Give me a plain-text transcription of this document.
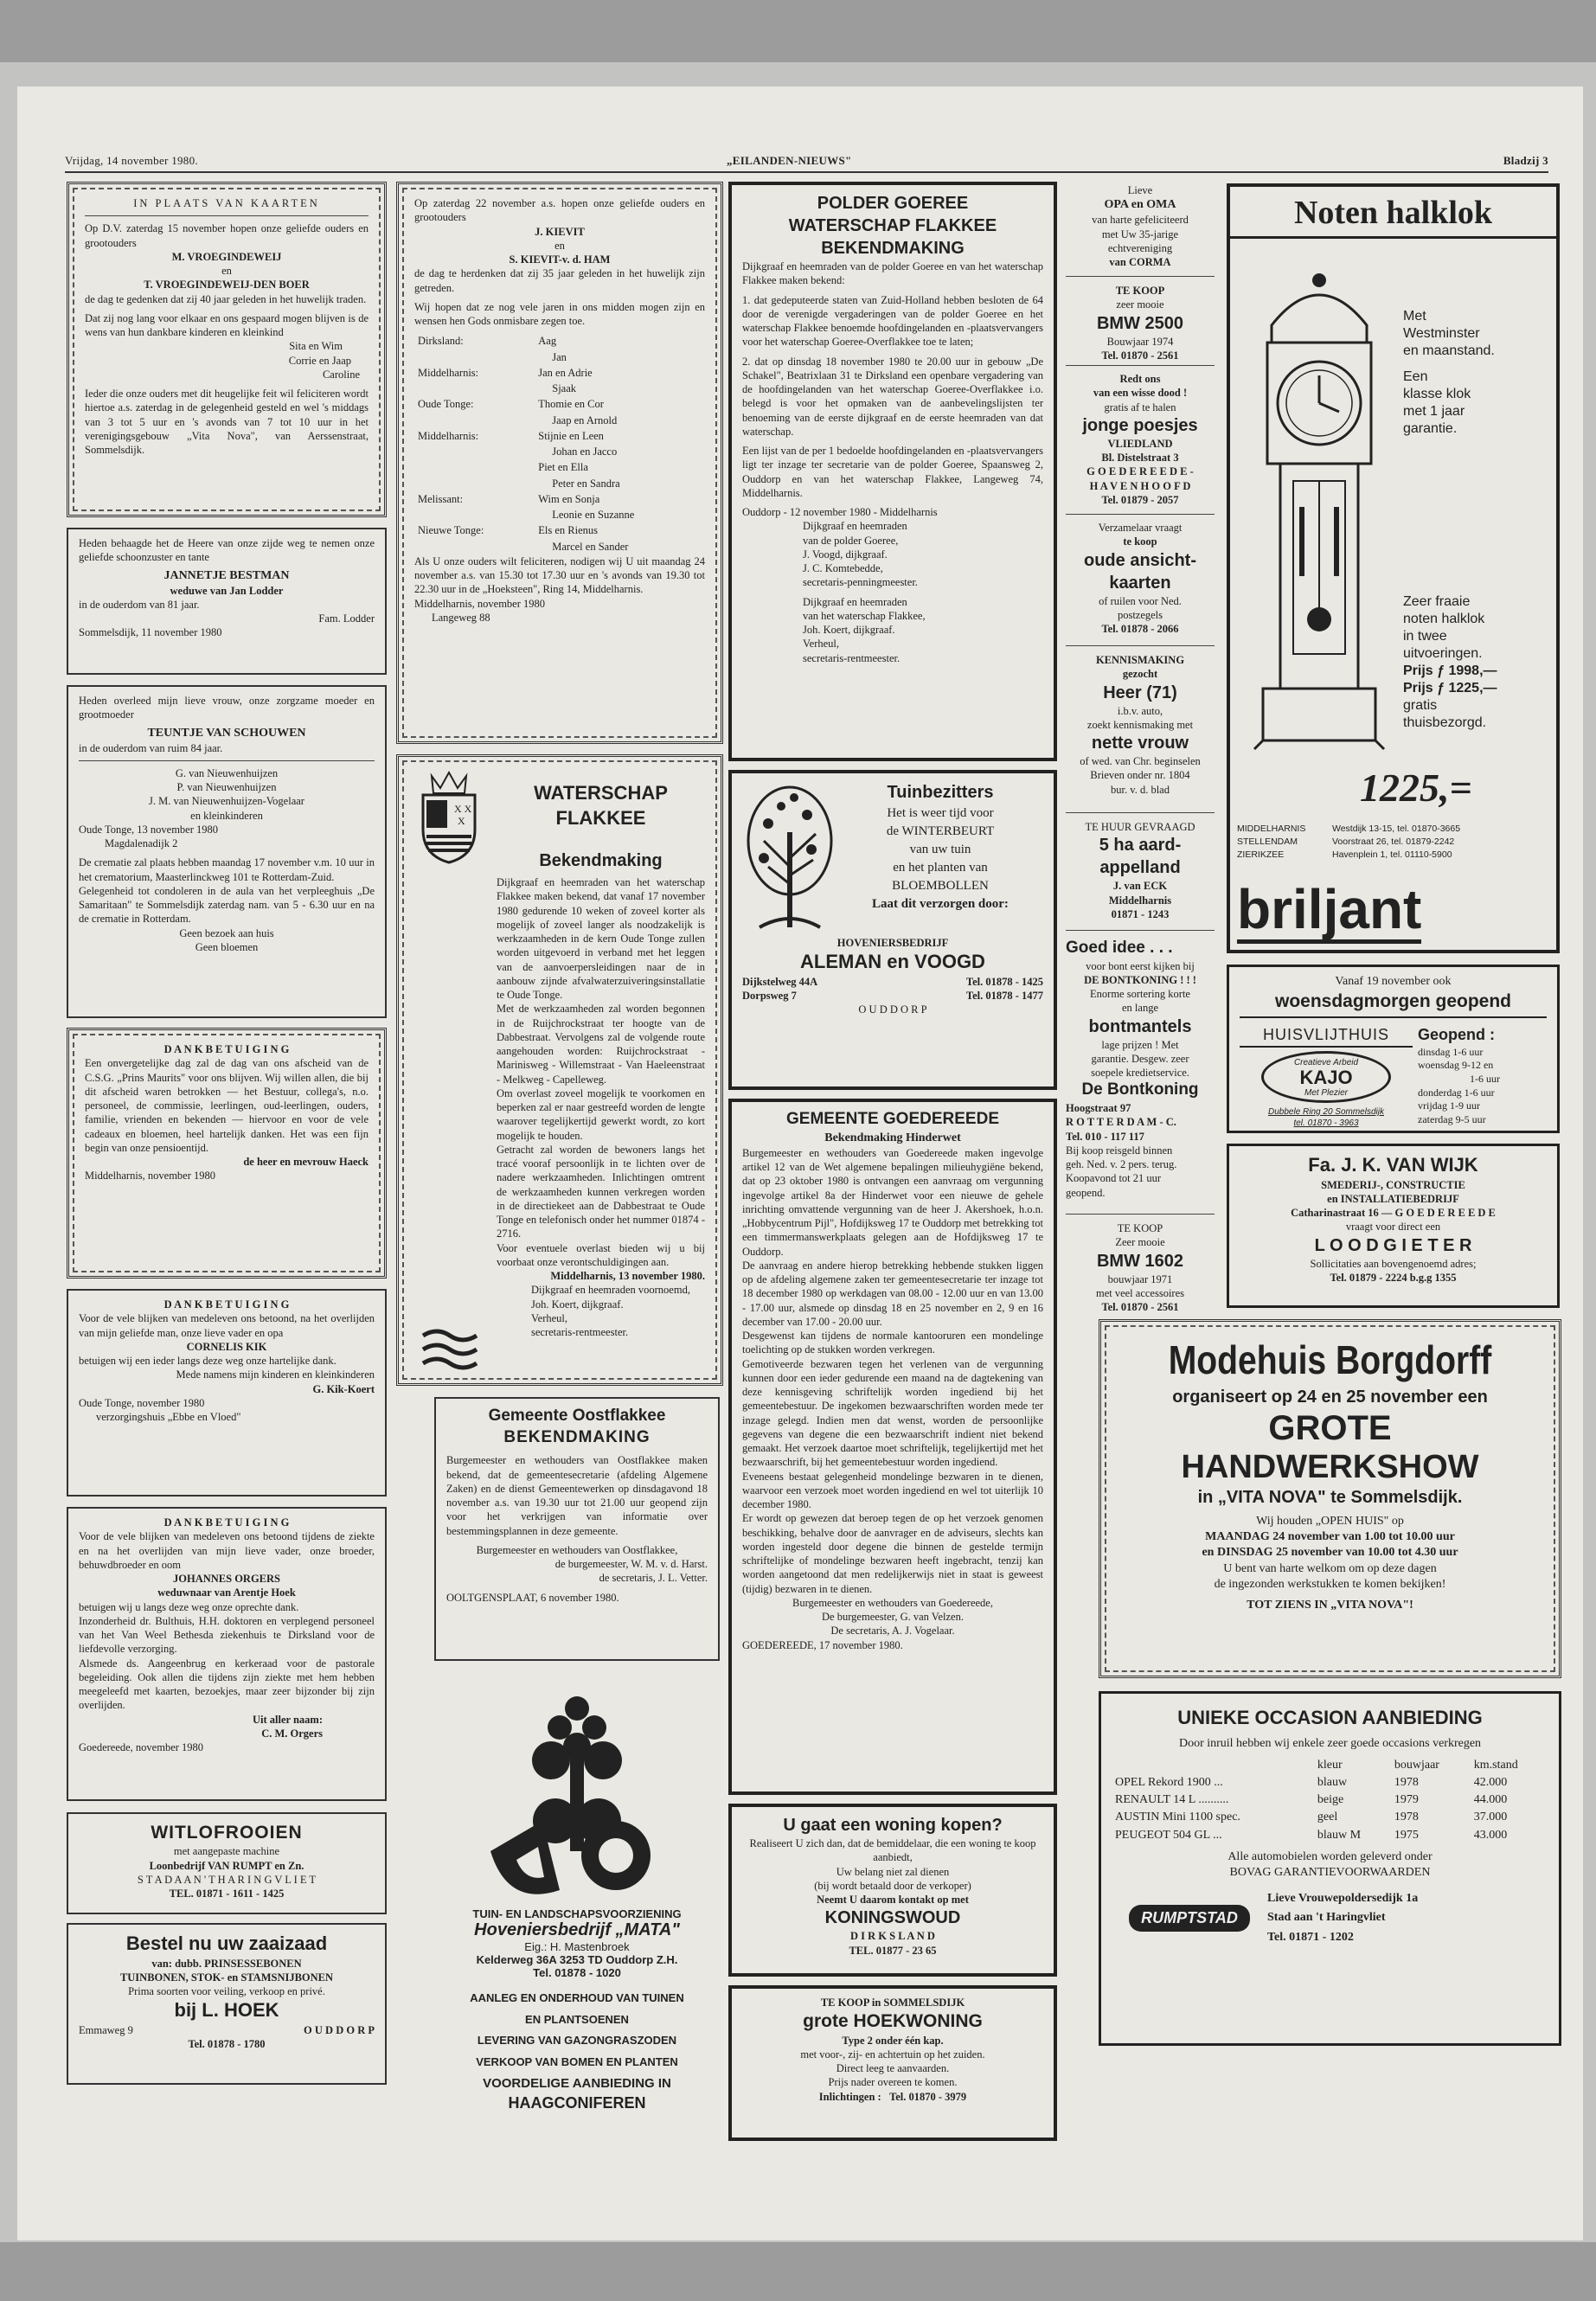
Vrijdag, 14 november 1980.	„EILANDEN-NIEUWS"	Bladzij 3
IN PLAATS VAN KAARTEN
Op D.V. zaterdag 15 november hopen onze geliefde ouders en grootouders
M. VROEGINDEWEIJ
en
T. VROEGINDEWEIJ-DEN BOER
de dag te gedenken dat zij 40 jaar geleden in het huwelijk traden.
Dat zij nog lang voor elkaar en ons gespaard mogen blijven is de wens van hun dankbare kinderen en kleinkind
Sita en Wim
Corrie en Jaap
Caroline
Ieder die onze ouders met dit heugelijke feit wil feliciteren wordt hiertoe a.s. zaterdag in de gelegenheid gesteld en wel 's middags van 3 tot 5 uur en 's avonds van 7 tot 10 uur in het verenigingsgebouw „Vita Nova", van Aerssenstraat, Sommelsdijk.
Heden behaagde het de Heere van onze zijde weg te nemen onze geliefde schoonzuster en tante
JANNETJE BESTMAN
weduwe van Jan Lodder
in de ouderdom van 81 jaar.
Fam. Lodder
Sommelsdijk, 11 november 1980
Heden overleed mijn lieve vrouw, onze zorgzame moeder en grootmoeder
TEUNTJE VAN SCHOUWEN
in de ouderdom van ruim 84 jaar.
G. van Nieuwenhuijzen
P. van Nieuwenhuijzen
J. M. van Nieuwenhuijzen-Vogelaar
en kleinkinderen
Oude Tonge, 13 november 1980
Magdalenadijk 2
De crematie zal plaats hebben maandag 17 november v.m. 10 uur in het crematorium, Maasterlinckweg 101 te Rotterdam-Zuid.
Gelegenheid tot condoleren in de aula van het verpleeghuis „De Samaritaan" te Sommelsdijk zaterdag nam. van 5 - 6.30 uur en na de crematie in Rotterdam.
Geen bezoek aan huis
Geen bloemen
D A N K B E T U I G I N G
Een onvergetelijke dag zal de dag van ons afscheid van de C.S.G. „Prins Maurits" voor ons blijven. Wij willen allen, die bij dit afscheid waren betrokken — het Bestuur, collega's, n.o. personeel, de commissie, leerlingen, oud-leerlingen, ouders, familie, vrienden en bekenden — hiervoor en voor de vele cadeaux en bloemen, heel hartelijk danken. Het was een fijn begin van onze pensioentijd.
de heer en mevrouw Haeck
Middelharnis, november 1980
D A N K B E T U I G I N G
Voor de vele blijken van medeleven ons betoond, na het overlijden van mijn geliefde man, onze lieve vader en opa
CORNELIS KIK
betuigen wij een ieder langs deze weg onze hartelijke dank.
Mede namens mijn kinderen en kleinkinderen
G. Kik-Koert
Oude Tonge, november 1980
verzorgingshuis „Ebbe en Vloed"
D A N K B E T U I G I N G
Voor de vele blijken van medeleven ons betoond tijdens de ziekte en na het overlijden van mijn lieve vader, onze broeder, behuwdbroeder en oom
JOHANNES ORGERS
weduwnaar van Arentje Hoek
betuigen wij u langs deze weg onze oprechte dank.
Inzonderheid dr. Bulthuis, H.H. doktoren en verplegend personeel van het Van Weel Bethesda ziekenhuis te Dirksland voor de liefdevolle verzorging.
Alsmede ds. Aangeenbrug en kerkeraad voor de pastorale begeleiding. Ook allen die tijdens zijn ziekte met hem hebben meegeleefd met kaarten, bezoekjes, maar zeer bijzonder bij zijn overlijden.
Uit aller naam:
C. M. Orgers
Goedereede, november 1980
WITLOFROOIEN
met aangepaste machine
Loonbedrijf VAN RUMPT en Zn.
S T A D A A N ' T H A R I N G V L I E T
TEL. 01871 - 1611 - 1425
Bestel nu uw zaaizaad
van: dubb. PRINSESSEBONEN
TUINBONEN, STOK- en STAMSNIJBONEN
Prima soorten voor veiling, verkoop en privé.
bij L. HOEK
Emmaweg 9	O U D D O R P
Tel. 01878 - 1780
Op zaterdag 22 november a.s. hopen onze geliefde ouders en grootouders
J. KIEVIT
en
S. KIEVIT-v. d. HAM
de dag te herdenken dat zij 35 jaar geleden in het huwelijk zijn getreden.
Wij hopen dat ze nog vele jaren in ons midden mogen zijn en wensen hen Gods onmisbare zegen toe.
Dirksland:	Aag
	Jan
Middelharnis:	Jan en Adrie
	Sjaak
Oude Tonge:	Thomie en Cor
	Jaap en Arnold
Middelharnis:	Stijnie en Leen
	Johan en Jacco
	Piet en Ella
	Peter en Sandra
Melissant:	Wim en Sonja
	Leonie en Suzanne
Nieuwe Tonge:	Els en Rienus
	Marcel en Sander
Als U onze ouders wilt feliciteren, nodigen wij U uit maandag 24 november a.s. van 15.30 tot 17.30 uur en 's avonds van 19.30 tot 22.30 uur in de „Hoeksteen", Ring 14, Middelharnis.
Middelharnis, november 1980
Langeweg 88
X X
X
WATERSCHAP
FLAKKEE
Bekendmaking
Dijkgraaf en heemraden van het waterschap Flakkee maken bekend, dat vanaf 17 november 1980 gedurende 10 weken of zoveel korter als mogelijk of zoveel langer als noodzakelijk is werkzaamheden in de kern Oude Tonge zullen worden uitgevoerd in verband met het leggen van de aanvoerpersleidingen naar de in aanbouw zijnde afvalwaterzuiveringsinstallatie te Oude Tonge.
Met de werkzaamheden zal worden begonnen in de Ruijchrockstraat ter hoogte van de Dabbestraat. Vervolgens zal de volgende route aangehouden worden: Ruijchrockstraat - Marinisweg - Willemstraat - Van Haeleenstraat - Melkweg - Capelleweg.
Om overlast zoveel mogelijk te voorkomen en beperken zal er naar gestreefd worden de lengte waarover tegelijkertijd gewerkt wordt, zo kort mogelijk te houden.
Getracht zal worden de bewoners langs het tracé vooraf persoonlijk in te lichten over de nadere werkzaamheden. Inlichtingen omtrent de werkzaamheden kunnen verkregen worden in de directiekeet aan de Dabbestraat te Oude Tonge en telefonisch onder het nummer 01874 - 2716.
Voor eventuele overlast bieden wij u bij voorbaat onze verontschuldigingen aan.
Middelharnis, 13 november 1980.
Dijkgraaf en heemraden voornoemd,
Joh. Koert, dijkgraaf.
Verheul,
secretaris-rentmeester.
Gemeente Oostflakkee
BEKENDMAKING
Burgemeester en wethouders van Oostflakkee maken bekend, dat de gemeentesecretarie (afdeling Algemene Zaken) en de dienst Gemeentewerken op dinsdagavond 18 november a.s. van 19.30 uur tot 21.00 uur geopend zijn voor het verkrijgen van informatie over bestemmingsplannen in deze gemeente.
Burgemeester en wethouders van Oostflakkee,
de burgemeester, W. M. v. d. Harst.
de secretaris, J. L. Vetter.
OOLTGENSPLAAT, 6 november 1980.
TUIN- EN LANDSCHAPSVOORZIENING
Hoveniersbedrijf „MATA"
Eig.: H. Mastenbroek
Kelderweg 36A 3253 TD Ouddorp Z.H.
Tel. 01878 - 1020
AANLEG EN ONDERHOUD VAN TUINEN
EN PLANTSOENEN
LEVERING VAN GAZONGRASZODEN
VERKOOP VAN BOMEN EN PLANTEN
VOORDELIGE AANBIEDING IN
HAAGCONIFEREN
POLDER GOEREE
WATERSCHAP FLAKKEE
BEKENDMAKING
Dijkgraaf en heemraden van de polder Goeree en van het waterschap Flakkee maken bekend:
1. dat gedeputeerde staten van Zuid-Holland hebben besloten de 64 door de verenigde vergaderingen van de polder Goeree en het waterschap Flakkee benoemde hoofdingelanden en -plaatsvervangers voor het waterschap Goeree-Overflakkee toe te laten;
2. dat op dinsdag 18 november 1980 te 20.00 uur in gebouw „De Schakel", Beatrixlaan 31 te Dirksland een openbare vergadering van de hoofdingelanden van het waterschap Goeree-Overflakkee i.o. belegd is voor het opmaken van de aanbevelingslijsten ter benoeming van de eerste dijkgraaf en de eerste heemraden van dat waterschap.
Een lijst van de per 1 bedoelde hoofdingelanden en -plaatsvervangers ligt ter inzage ter secretarie van de polder Goeree, Spaansweg 2, Ouddorp en van het waterschap Flakkee, Langeweg 74, Middelharnis.
Ouddorp - 12 november 1980 - Middelharnis
Dijkgraaf en heemraden
van de polder Goeree,
J. Voogd, dijkgraaf.
J. C. Komtebedde,
secretaris-penningmeester.
Dijkgraaf en heemraden
van het waterschap Flakkee,
Joh. Koert, dijkgraaf.
Verheul,
secretaris-rentmeester.
Tuinbezitters
Het is weer tijd voor
de WINTERBEURT
van uw tuin
en het planten van
BLOEMBOLLEN
Laat dit verzorgen door:
HOVENIERSBEDRIJF
ALEMAN en VOOGD
Dijkstelweg 44A	Tel. 01878 - 1425
Dorpsweg 7	Tel. 01878 - 1477
O U D D O R P
GEMEENTE GOEDEREEDE
Bekendmaking Hinderwet
Burgemeester en wethouders van Goedereede maken ingevolge artikel 12 van de Wet algemene bepalingen milieuhygiëne bekend, dat op 23 oktober 1980 is ontvangen een aanvraag om vergunning ingevolge artikel 8a der Hinderwet voor een nieuwe de gehele inrichting omvattende vergunning van de heer J. Akershoek, h.o.n. „Hobbycentrum Pijl", Hofdijksweg 17 te Ouddorp met betrekking tot een timmermanswerkplaats gelegen aan de Hofdijksweg 17 te Ouddorp.
De aanvraag en andere hierop betrekking hebbende stukken liggen op de afdeling algemene zaken ter gemeentesecretarie ter inzage tot 18 december 1980 op werkdagen van 08.00 - 12.00 uur en van 13.00 - 17.00 uur, alsmede op dinsdag 18 en 25 november en 2, 9 en 16 december van 17.00 - 20.00 uur.
Desgewenst kan tijdens de normale kantooruren een mondelinge toelichting op de stukken worden verkregen.
Gemotiveerde bezwaren tegen het verlenen van de vergunning kunnen door een ieder gedurende een maand na de dagtekening van deze kennisgeving schriftelijk worden ingediend bij het gemeentebestuur. De ingekomen bezwaarschriften worden mede ter inzage gelegd. Indien men dat wenst, worden de persoonlijke gegevens van degene die een bezwaarschrift indient niet bekend gemaakt. Het verzoek daartoe moet schriftelijk, tegelijkertijd met het bezwaarschrift, bij het gemeentebestuur worden ingediend.
Eveneens bestaat gelegenheid mondelinge bezwaren in te dienen, waarvoor een verzoek moet worden ingediend en wel tot uiterlijk 10 december 1980.
Er wordt op gewezen dat beroep tegen de op het verzoek genomen beschikking, behalve door de aanvrager en de adviseurs, slechts kan worden ingesteld door degene die binnen de gestelde termijn schriftelijke of mondelinge bezwaren heeft ingebracht, tenzij kan worden aangetoond dat men redelijkerwijs niet in staat is geweest (tijdig) bezwaren in te dienen.
Burgemeester en wethouders van Goedereede,
De burgemeester, G. van Velzen.
De secretaris, A. J. Vogelaar.
GOEDEREEDE, 17 november 1980.
U gaat een woning kopen?
Realiseert U zich dan, dat de bemiddelaar, die een woning te koop aanbiedt,
Uw belang niet zal dienen
(bij wordt betaald door de verkoper)
Neemt U daarom kontakt op met
KONINGSWOUD
D I R K S L A N D
TEL. 01877 - 23 65
TE KOOP in SOMMELSDIJK
grote HOEKWONING
Type 2 onder één kap.
met voor-, zij- en achtertuin op het zuiden.
Direct leeg te aanvaarden.
Prijs nader overeen te komen.
Inlichtingen : Tel. 01870 - 3979
Lieve
OPA en OMA
van harte gefeliciteerd
met Uw 35-jarige
echtvereniging
van CORMA
TE KOOP
zeer mooie
BMW 2500
Bouwjaar 1974
Tel. 01870 - 2561
Redt ons
van een wisse dood !
gratis af te halen
jonge poesjes
VLIEDLAND
Bl. Distelstraat 3
G O E D E R E E D E -
H A V E N H O O F D
Tel. 01879 - 2057
Verzamelaar vraagt
te koop
oude ansicht-
kaarten
of ruilen voor Ned.
postzegels
Tel. 01878 - 2066
KENNISMAKING
gezocht
Heer (71)
i.b.v. auto,
zoekt kennismaking met
nette vrouw
of wed. van Chr. beginselen
Brieven onder nr. 1804
bur. v. d. blad
TE HUUR GEVRAAGD
5 ha aard-
appelland
J. van ECK
Middelharnis
01871 - 1243
Goed idee . . .
voor bont eerst kijken bij
DE BONTKONING ! ! !
Enorme sortering korte
en lange
bontmantels
lage prijzen ! Met
garantie. Desgew. zeer
soepele kredietservice.
De Bontkoning
Hoogstraat 97
R O T T E R D A M - C.
Tel. 010 - 117 117
Bij koop reisgeld binnen
geh. Ned. v. 2 pers. terug.
Koopavond tot 21 uur
geopend.
TE KOOP
Zeer mooie
BMW 1602
bouwjaar 1971
met veel accessoires
Tel. 01870 - 2561
Noten halklok
Met
Westminster
en maanstand.
Een
klasse klok
met 1 jaar
garantie.
Zeer fraaie
noten halklok
in twee
uitvoeringen.
Prijs ƒ 1998,—
Prijs ƒ 1225,—
gratis
thuisbezorgd.
1225,=
MIDDELHARNIS	Westdijk 13-15, tel. 01870-3665
STELLENDAM	Voorstraat 26, tel. 01879-2242
ZIERIKZEE	Havenplein 1, tel. 01110-5900
briljant
Vanaf 19 november ook
woensdagmorgen geopend
HUISVLIJTHUIS
Creatieve Arbeid
KAJO
Met Plezier
Dubbele Ring 20 Sommelsdijk
tel. 01870 - 3963
Geopend :
dinsdag 1-6 uur
woensdag 9-12 en
1-6 uur
donderdag 1-6 uur
vrijdag 1-9 uur
zaterdag 9-5 uur
Fa. J. K. VAN WIJK
SMEDERIJ-, CONSTRUCTIE
en INSTALLATIEBEDRIJF
Catharinastraat 16 — G O E D E R E E D E
vraagt voor direct een
L O O D G I E T E R
Sollicitaties aan bovengenoemd adres;
Tel. 01879 - 2224 b.g.g 1355
Modehuis Borgdorff
organiseert op 24 en 25 november een
GROTE
HANDWERKSHOW
in „VITA NOVA" te Sommelsdijk.
Wij houden „OPEN HUIS" op
MAANDAG 24 november van 1.00 tot 10.00 uur
en DINSDAG 25 november van 10.00 tot 4.30 uur
U bent van harte welkom om op deze dagen
de ingezonden werkstukken te komen bekijken!
TOT ZIENS IN „VITA NOVA"!
UNIEKE OCCASION AANBIEDING
Door inruil hebben wij enkele zeer goede occasions verkregen
	kleur	bouwjaar	km.stand
OPEL Rekord 1900 ...	blauw	1978	42.000
RENAULT 14 L ..........	beige	1979	44.000
AUSTIN Mini 1100 spec.	geel	1978	37.000
PEUGEOT 504 GL ...	blauw M	1975	43.000
Alle automobielen worden geleverd onder
BOVAG GARANTIEVOORWAARDEN
RUMPTSTAD
Lieve Vrouwepoldersedijk 1a
Stad aan 't Haringvliet
Tel. 01871 - 1202
